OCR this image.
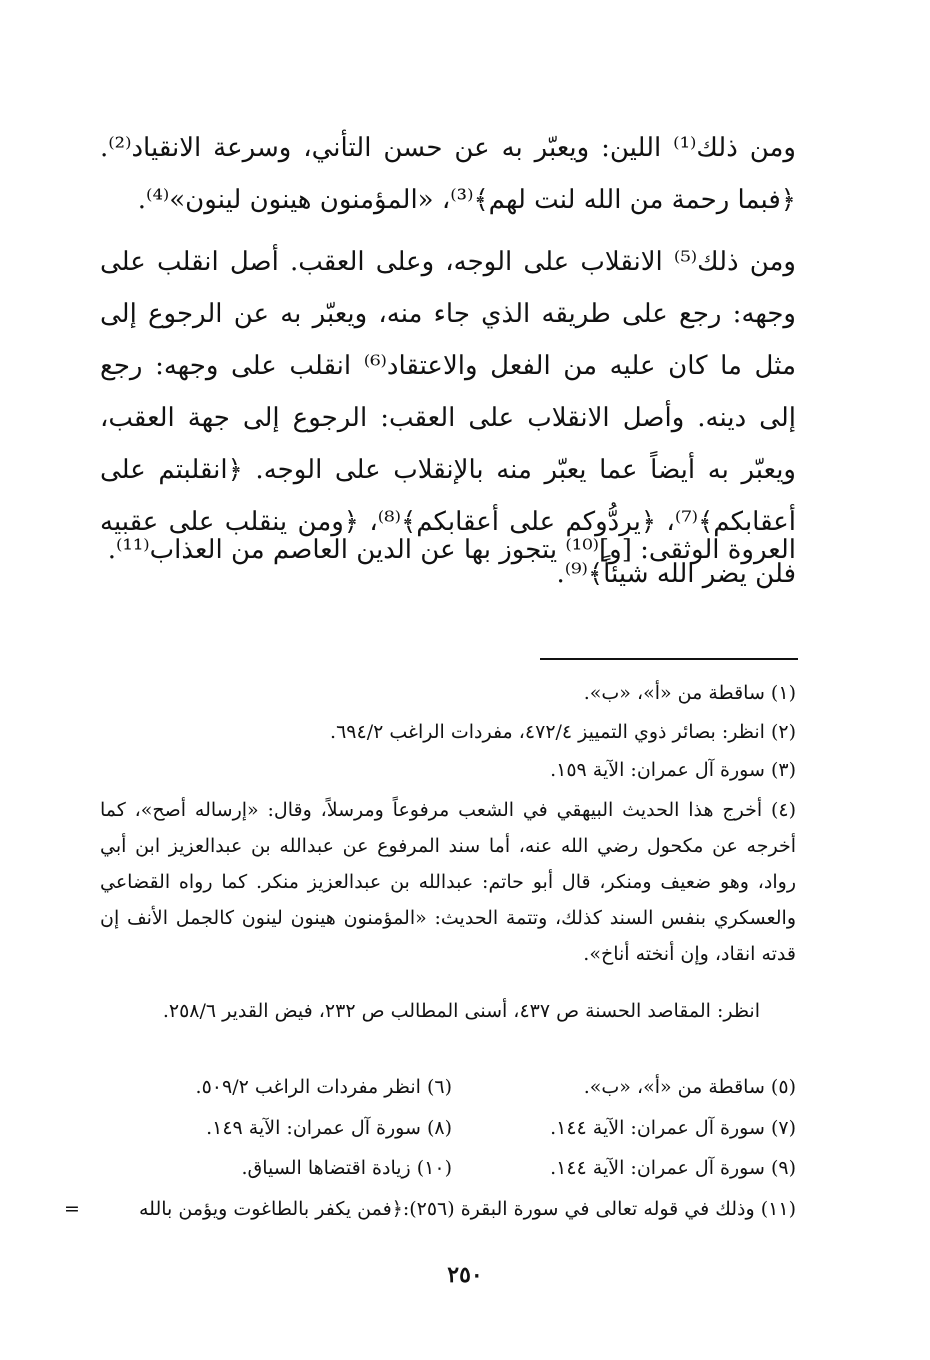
ومن ذلك⁽¹⁾ اللين: ويعبّر به عن حسن التأني، وسرعة الانقياد⁽²⁾. ﴿فبما رحمة من الله لنت لهم﴾⁽³⁾، «المؤمنون هينون لينون»⁽⁴⁾.

ومن ذلك⁽⁵⁾ الانقلاب على الوجه، وعلى العقب. أصل انقلب على وجهه: رجع على طريقه الذي جاء منه، ويعبّر به عن الرجوع إلى مثل ما كان عليه من الفعل والاعتقاد⁽⁶⁾ انقلب على وجهه: رجع إلى دينه. وأصل الانقلاب على العقب: الرجوع إلى جهة العقب، ويعبّر به أيضاً عما يعبّر منه بالإنقلاب على الوجه. ﴿انقلبتم على أعقابكم﴾⁽⁷⁾، ﴿يردُّوكم على أعقابكم﴾⁽⁸⁾، ﴿ومن ينقلب على عقبيه فلن يضر الله شيئاً﴾⁽⁹⁾.

العروة الوثقى: [و]⁽¹⁰⁾ يتجوز بها عن الدين العاصم من العذاب⁽¹¹⁾.

(١) ساقطة من «أ»، «ب».

(٢) انظر: بصائر ذوي التمييز ٤٧٢/٤، مفردات الراغب ٦٩٤/٢.

(٣) سورة آل عمران: الآية ١٥٩.

(٤) أخرج هذا الحديث البيهقي في الشعب مرفوعاً ومرسلاً، وقال: «إرساله أصح»، كما أخرجه عن مكحول رضي الله عنه، أما سند المرفوع عن عبدالله بن عبدالعزيز ابن أبي رواد، وهو ضعيف ومنكر، قال أبو حاتم: عبدالله بن عبدالعزيز منكر. كما رواه القضاعي والعسكري بنفس السند كذلك، وتتمة الحديث: «المؤمنون هينون لينون كالجمل الأنف إن قدته انقاد، وإن أنخته أناخ».

انظر: المقاصد الحسنة ص ٤٣٧، أسنى المطالب ص ٢٣٢، فيض القدير ٢٥٨/٦.

(٥) ساقطة من «أ»، «ب».

(٦) انظر مفردات الراغب ٥٠٩/٢.

(٧) سورة آل عمران: الآية ١٤٤.

(٨) سورة آل عمران: الآية ١٤٩.

(٩) سورة آل عمران: الآية ١٤٤.

(١٠) زيادة اقتضاها السياق.

(١١) وذلك في قوله تعالى في سورة البقرة (٢٥٦):﴿فمن يكفر بالطاغوت ويؤمن بالله

=
٢٥٠
